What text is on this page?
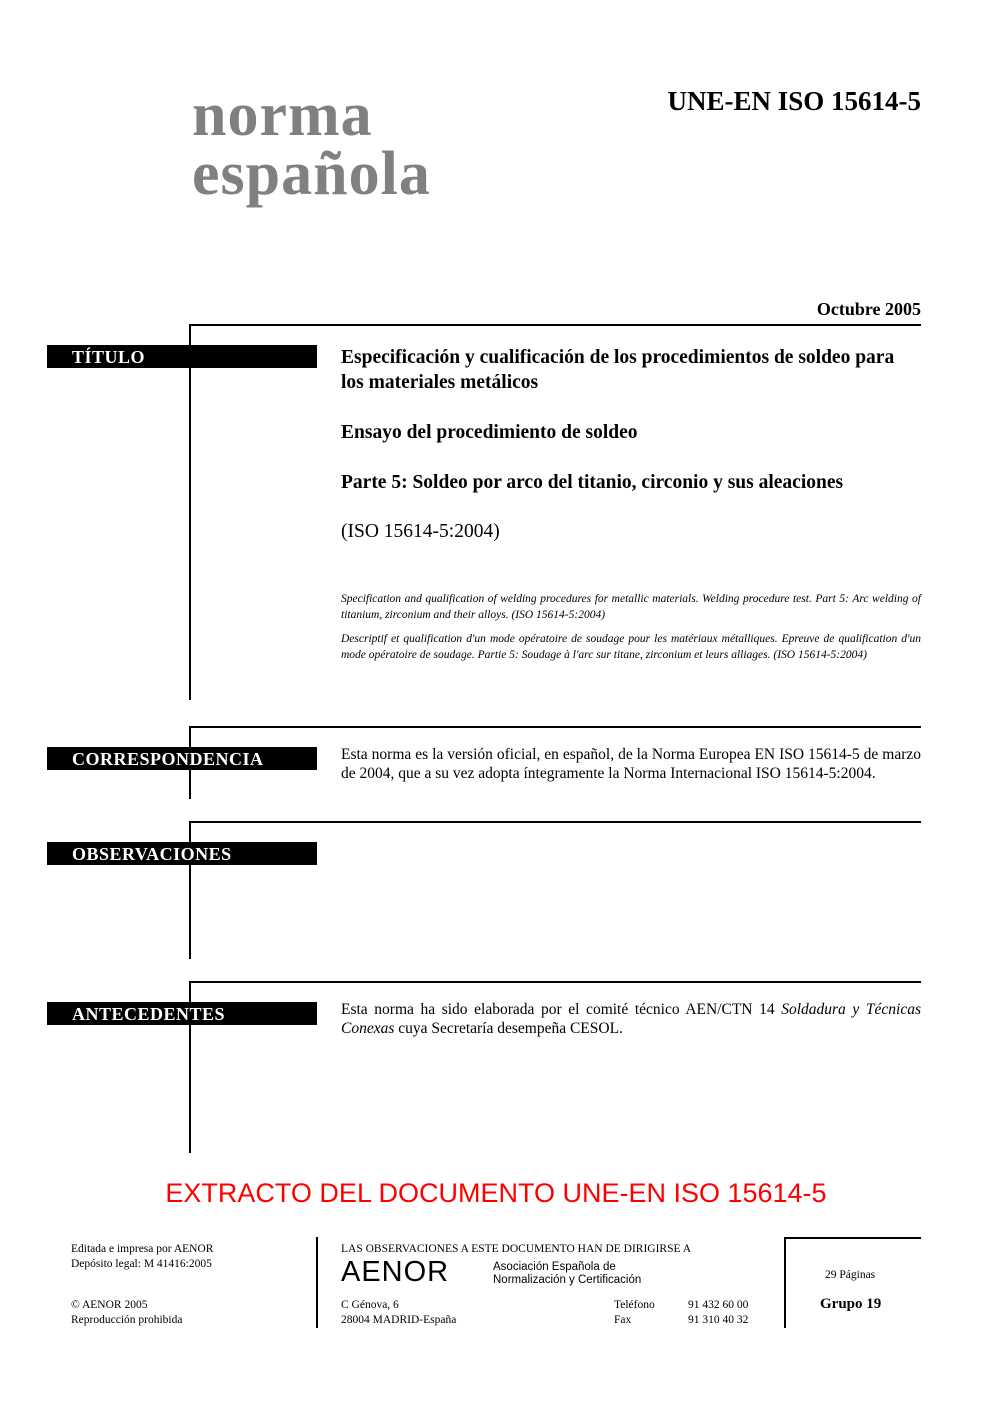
norma
española
UNE-EN ISO 15614-5
Octubre 2005
TÍTULO	Especificación y cualificación de los procedimientos de soldeo para los materiales metálicos
Ensayo del procedimiento de soldeo
Parte 5: Soldeo por arco del titanio, circonio y sus aleaciones
(ISO 15614-5:2004)
Specification and qualification of welding procedures for metallic materials. Welding procedure test. Part 5: Arc welding of titanium, zirconium and their alloys. (ISO 15614-5:2004)
Descriptif et qualification d'un mode opératoire de soudage pour les matériaux métalliques. Epreuve de qualification d'un mode opératoire de soudage. Partie 5: Soudage à l'arc sur titane, zirconium et leurs alliages. (ISO 15614-5:2004)
CORRESPONDENCIA	Esta norma es la versión oficial, en español, de la Norma Europea EN ISO 15614-5 de marzo de 2004, que a su vez adopta íntegramente la Norma Internacional ISO 15614-5:2004.
OBSERVACIONES
ANTECEDENTES	Esta norma ha sido elaborada por el comité técnico AEN/CTN 14 Soldadura y Técnicas Conexas cuya Secretaría desempeña CESOL.
EXTRACTO DEL DOCUMENTO UNE-EN ISO 15614-5
Editada e impresa por AENOR
Depósito legal: M 41416:2005
© AENOR 2005
Reproducción prohibida
LAS OBSERVACIONES A ESTE DOCUMENTO HAN DE DIRIGIRSE A
AENOR	Asociación Española de
Normalización y Certificación
C Génova, 6
28004 MADRID-España
Teléfono	91 432 60 00
Fax	91 310 40 32
29 Páginas
Grupo 19
